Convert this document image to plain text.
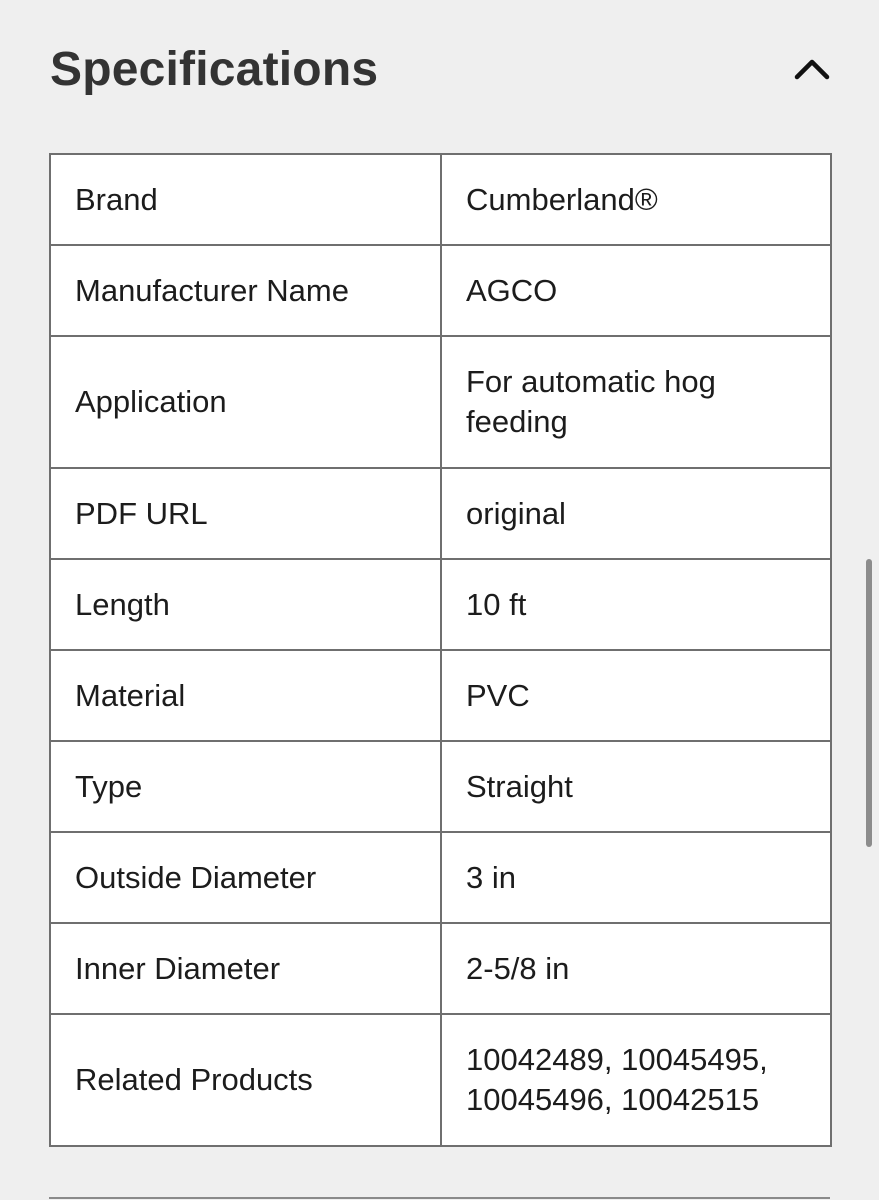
Specifications
Brand	Cumberland®
Manufacturer Name	AGCO
Application	For automatic hog feeding
PDF URL	original
Length	10 ft
Material	PVC
Type	Straight
Outside Diameter	3 in
Inner Diameter	2-5/8 in
Related Products	10042489, 10045495, 10045496, 10042515
